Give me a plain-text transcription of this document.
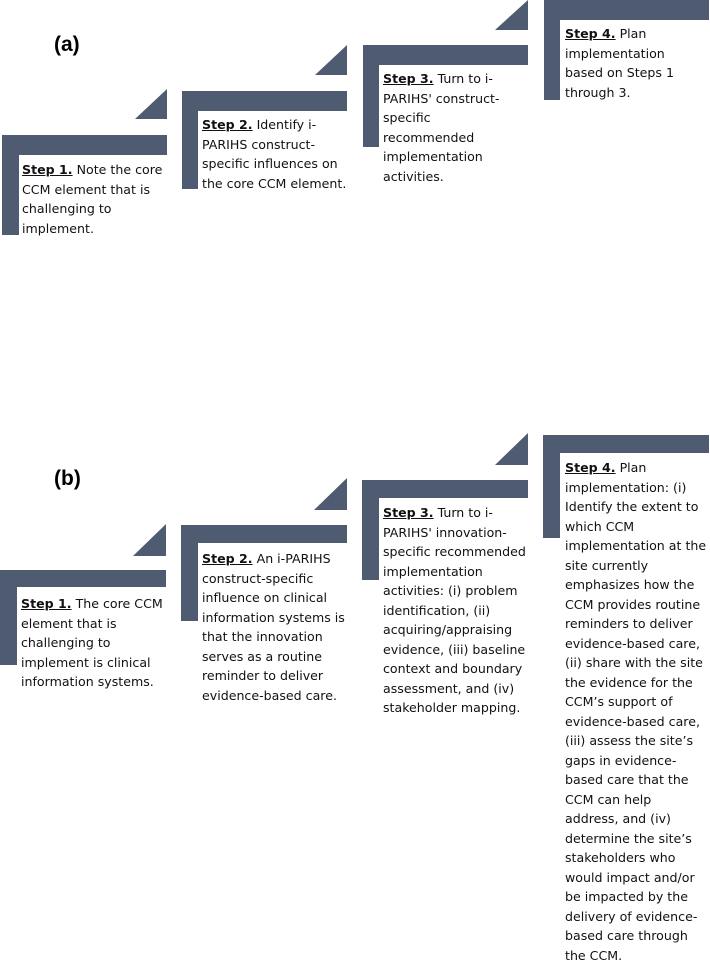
(a)
(b)

Step 1. Note the core CCM element that is challenging to implement.

Step 2. Identify i-PARIHS construct-specific influences on the core CCM element.

Step 3. Turn to i-PARIHS' construct-specific recommended implementation activities.

Step 4. Plan implementation based on Steps 1 through 3.

Step 1. The core CCM element that is challenging to implement is clinical information systems.

Step 2. An i-PARIHS construct-specific influence on clinical information systems is that the innovation serves as a routine reminder to deliver evidence-based care.

Step 3. Turn to i-PARIHS' innovation-specific recommended implementation activities: (i) problem identification, (ii) acquiring/appraising evidence, (iii) baseline context and boundary assessment, and (iv) stakeholder mapping.

Step 4. Plan implementation: (i) Identify the extent to which CCM implementation at the site currently emphasizes how the CCM provides routine reminders to deliver evidence-based care, (ii) share with the site the evidence for the CCM’s support of evidence-based care, (iii) assess the site’s gaps in evidence-based care that the CCM can help address, and (iv) determine the site’s stakeholders who would impact and/or be impacted by the delivery of evidence-based care through the CCM.
